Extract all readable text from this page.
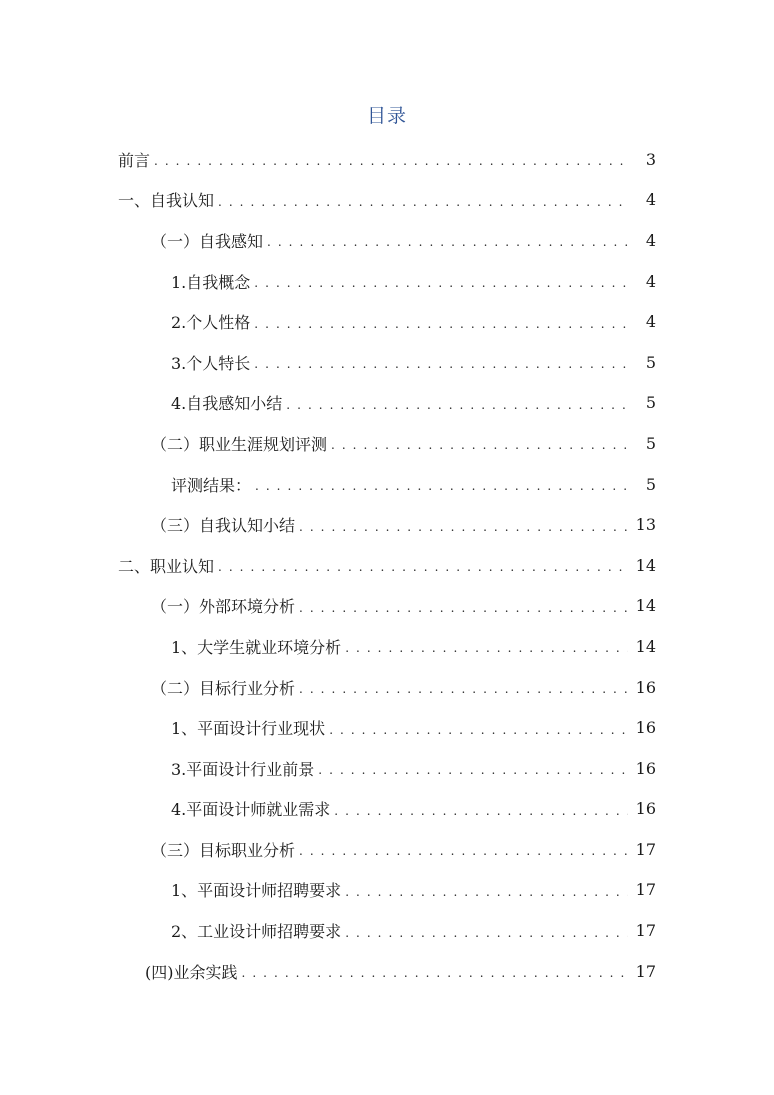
目录
前言 . . .	3
一、自我认知 . . .	4
（一）自我感知 . . .	4
1.自我概念 . . .	4
2.个人性格 . . .	4
3.个人特长 . . .	5
4.自我感知小结 . . .	5
（二）职业生涯规划评测 . . .	5
评测结果： . . .	5
（三）自我认知小结 . . .	13
二、职业认知 . . .	14
（一）外部环境分析 . . .	14
1、大学生就业环境分析 . . .	14
（二）目标行业分析 . . .	16
1、平面设计行业现状 . . .	16
3.平面设计行业前景 . . .	16
4.平面设计师就业需求 . . .	16
（三）目标职业分析 . . .	17
1、平面设计师招聘要求 . . .	17
2、工业设计师招聘要求 . . .	17
(四)业余实践 . . .	17
